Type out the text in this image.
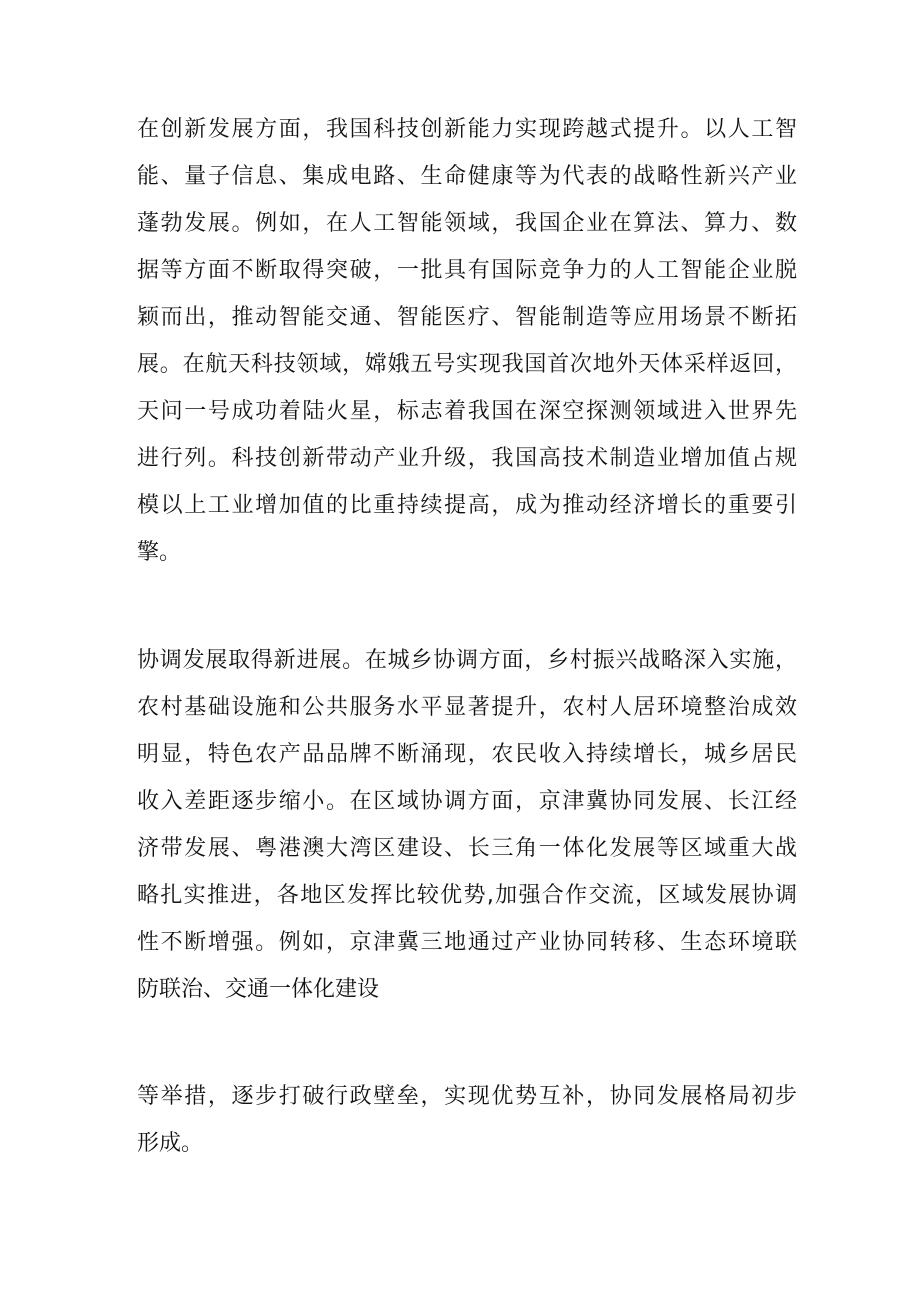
在创新发展方面，我国科技创新能力实现跨越式提升。以人工智
能、量子信息、集成电路、生命健康等为代表的战略性新兴产业
蓬勃发展。例如，在人工智能领域，我国企业在算法、算力、数
据等方面不断取得突破，一批具有国际竞争力的人工智能企业脱
颖而出，推动智能交通、智能医疗、智能制造等应用场景不断拓
展。在航天科技领域，嫦娥五号实现我国首次地外天体采样返回，
天问一号成功着陆火星，标志着我国在深空探测领域进入世界先
进行列。科技创新带动产业升级，我国高技术制造业增加值占规
模以上工业增加值的比重持续提高，成为推动经济增长的重要引
擎。
协调发展取得新进展。在城乡协调方面，乡村振兴战略深入实施，
农村基础设施和公共服务水平显著提升，农村人居环境整治成效
明显，特色农产品品牌不断涌现，农民收入持续增长，城乡居民
收入差距逐步缩小。在区域协调方面，京津冀协同发展、长江经
济带发展、粤港澳大湾区建设、长三角一体化发展等区域重大战
略扎实推进，各地区发挥比较优势,加强合作交流，区域发展协调
性不断增强。例如，京津冀三地通过产业协同转移、生态环境联
防联治、交通一体化建设
等举措，逐步打破行政壁垒，实现优势互补，协同发展格局初步
形成。
